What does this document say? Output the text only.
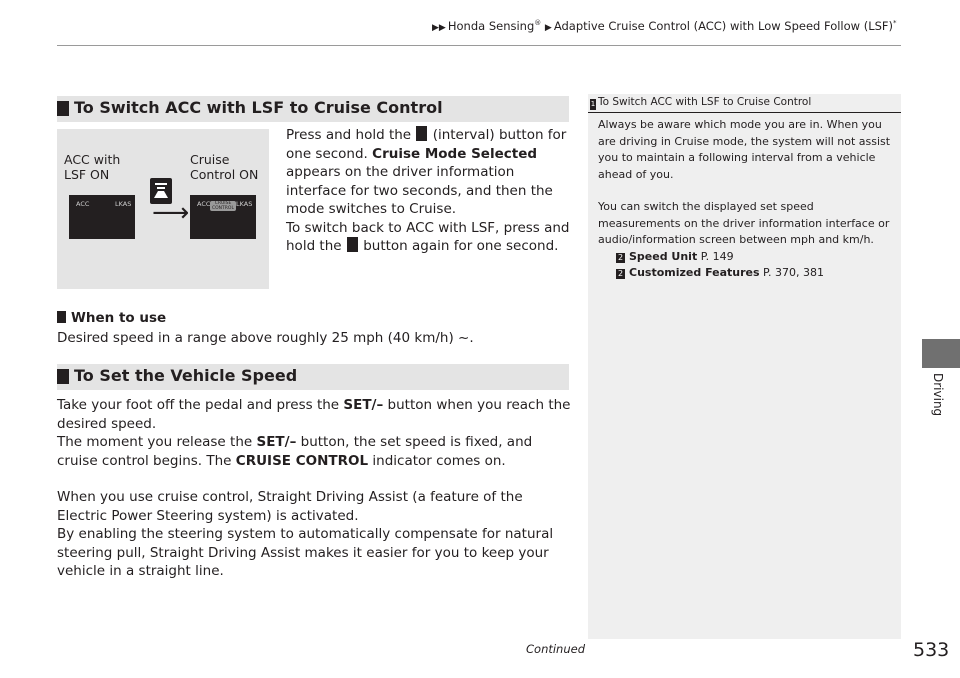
▶▶ Honda Sensing® ▶ Adaptive Cruise Control (ACC) with Low Speed Follow (LSF)*
Driving
To Switch ACC with LSF to Cruise Control
ACC with
LSF ON
Cruise
Control ON
ACC	LKAS ⟶ ACC	LKAS
CRUISE CONTROL
Press and hold the (interval) button for one second. Cruise Mode Selected appears on the driver information interface for two seconds, and then the mode switches to Cruise.
To switch back to ACC with LSF, press and hold the button again for one second.
When to use
Desired speed in a range above roughly 25 mph (40 km/h) ~.
To Set the Vehicle Speed
Take your foot off the pedal and press the SET/– button when you reach the desired speed.
The moment you release the SET/– button, the set speed is fixed, and cruise control begins. The CRUISE CONTROL indicator comes on.

When you use cruise control, Straight Driving Assist (a feature of the Electric Power Steering system) is activated.
By enabling the steering system to automatically compensate for natural steering pull, Straight Driving Assist makes it easier for you to keep your vehicle in a straight line.
1 To Switch ACC with LSF to Cruise Control
Always be aware which mode you are in. When you are driving in Cruise mode, the system will not assist you to maintain a following interval from a vehicle ahead of you.
You can switch the displayed set speed measurements on the driver information interface or audio/information screen between mph and km/h.
2 Speed Unit P. 149
2 Customized Features P. 370, 381
Continued	533
